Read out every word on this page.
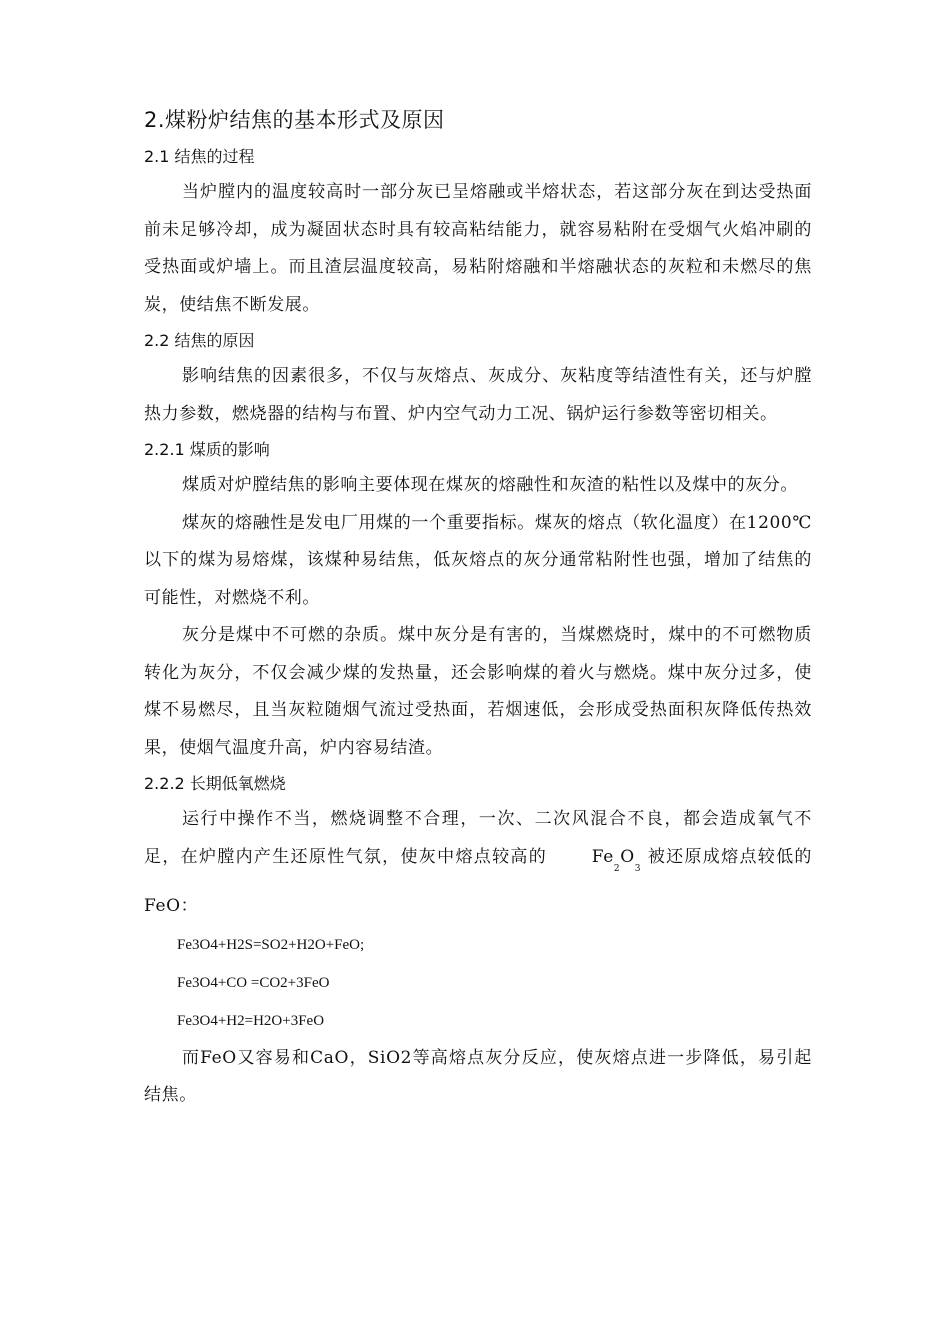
2.煤粉炉结焦的基本形式及原因
2.1 结焦的过程

当炉膛内的温度较高时一部分灰已呈熔融或半熔状态，若这部分灰在到达受热面前未足够冷却，成为凝固状态时具有较高粘结能力，就容易粘附在受烟气火焰冲刷的受热面或炉墙上。而且渣层温度较高，易粘附熔融和半熔融状态的灰粒和未燃尽的焦炭，使结焦不断发展。

2.2 结焦的原因

影响结焦的因素很多，不仅与灰熔点、灰成分、灰粘度等结渣性有关，还与炉膛热力参数，燃烧器的结构与布置、炉内空气动力工况、锅炉运行参数等密切相关。

2.2.1 煤质的影响

煤质对炉膛结焦的影响主要体现在煤灰的熔融性和灰渣的粘性以及煤中的灰分。

煤灰的熔融性是发电厂用煤的一个重要指标。煤灰的熔点（软化温度）在1200℃以下的煤为易熔煤，该煤种易结焦，低灰熔点的灰分通常粘附性也强，增加了结焦的可能性，对燃烧不利。

灰分是煤中不可燃的杂质。煤中灰分是有害的，当煤燃烧时，煤中的不可燃物质转化为灰分，不仅会减少煤的发热量，还会影响煤的着火与燃烧。煤中灰分过多，使煤不易燃尽，且当灰粒随烟气流过受热面，若烟速低，会形成受热面积灰降低传热效果，使烟气温度升高，炉内容易结渣。

2.2.2 长期低氧燃烧

运行中操作不当，燃烧调整不合理，一次、二次风混合不良，都会造成氧气不足，在炉膛内产生还原性气氛，使灰中熔点较高的 $Fe_2O_3$ 被还原成熔点较低的FeO：

Fe3O4+H2S=SO2+H2O+FeO;
Fe3O4+CO =CO2+3FeO
Fe3O4+H2=H2O+3FeO

而FeO又容易和CaO，SiO2等高熔点灰分反应，使灰熔点进一步降低，易引起结焦。
